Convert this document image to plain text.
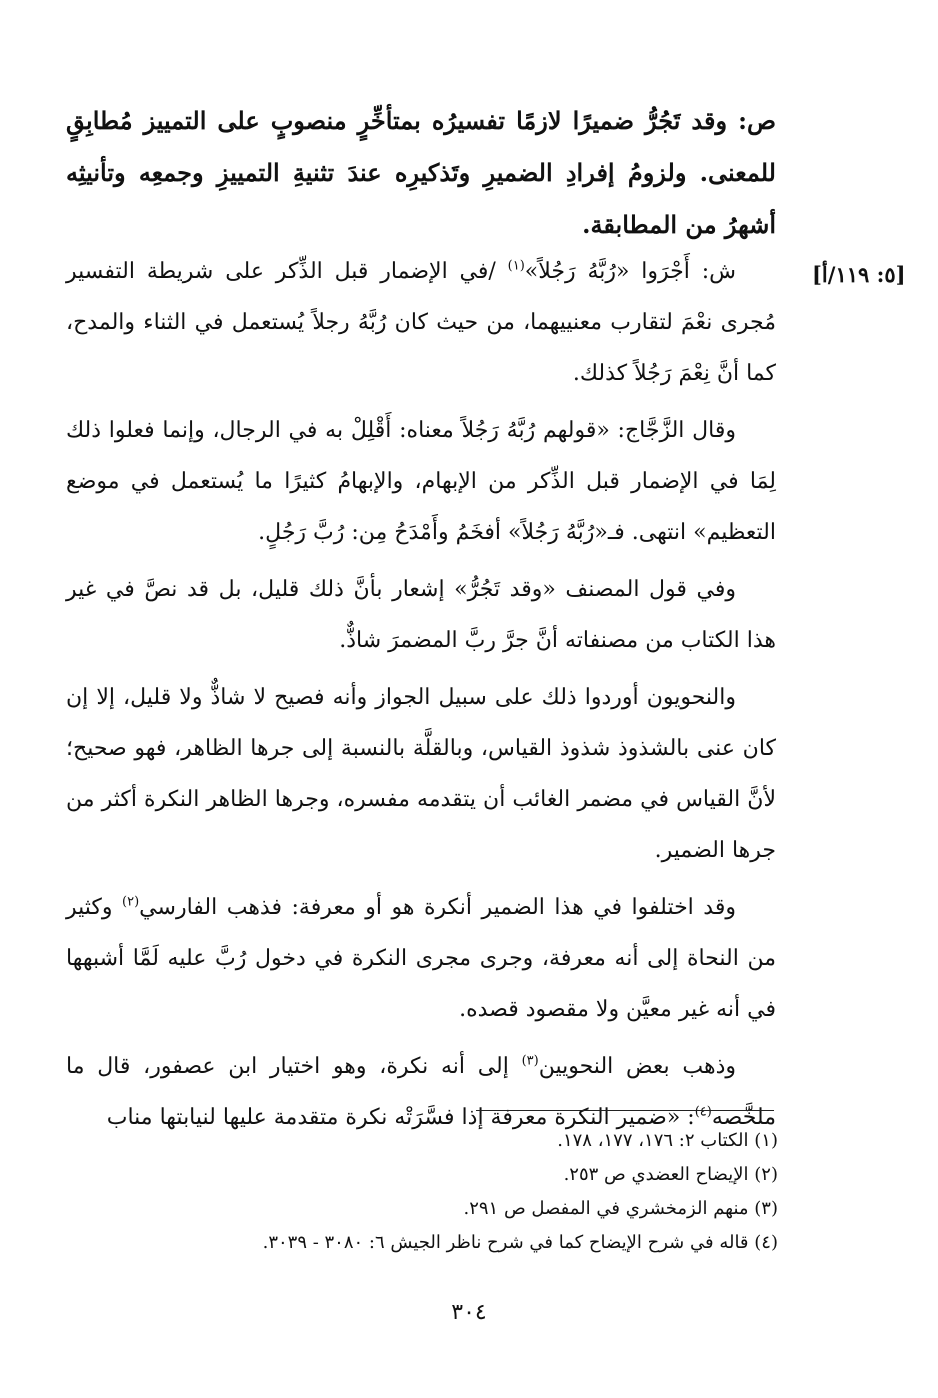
[٥: ١١٩/أ]
ص: وقد تَجُرُّ ضميرًا لازمًا تفسيرُه بمتأخِّرٍ منصوبٍ على التمييز مُطابِقٍ للمعنى. ولزومُ إفرادِ الضميرِ وتَذكيرِه عندَ تثنيةِ التمييزِ وجمعِه وتأنيثِه أشهرُ من المطابقة.

ش: أَجْرَوا «رُبَّهُ رَجُلاً»$^{(١)}$ /في الإضمار قبل الذِّكر على شريطة التفسير مُجرى نعْمَ لتقارب معنييهما، من حيث كان رُبَّهُ رجلاً يُستعمل في الثناء والمدح، كما أنَّ نِعْمَ رَجُلاً كذلك.

وقال الزَّجَّاج: «قولهم رُبَّهُ رَجُلاً معناه: أَقْلِلْ به في الرجال، وإنما فعلوا ذلك لِمَا في الإضمار قبل الذِّكر من الإبهام، والإبهامُ كثيرًا ما يُستعمل في موضع التعظيم» انتهى. فـ«رُبَّهُ رَجُلاً» أفخَمُ وأَمْدَحُ مِن: رُبَّ رَجُلٍ.

وفي قول المصنف «وقد تَجُرُّ» إشعار بأنَّ ذلك قليل، بل قد نصَّ في غير هذا الكتاب من مصنفاته أنَّ جرَّ ربَّ المضمرَ شاذٌّ.

والنحويون أوردوا ذلك على سبيل الجواز وأنه فصيح لا شاذٌّ ولا قليل، إلا إن كان عنى بالشذوذ شذوذ القياس، وبالقلَّة بالنسبة إلى جرها الظاهر، فهو صحيح؛ لأنَّ القياس في مضمر الغائب أن يتقدمه مفسره، وجرها الظاهر النكرة أكثر من جرها الضمير.

وقد اختلفوا في هذا الضمير أنكرة هو أو معرفة: فذهب الفارسي$^{(٢)}$ وكثير من النحاة إلى أنه معرفة، وجرى مجرى النكرة في دخول رُبَّ عليه لَمَّا أشبهها في أنه غير معيَّن ولا مقصود قصده.

وذهب بعض النحويين$^{(٣)}$ إلى أنه نكرة، وهو اختيار ابن عصفور، قال ما ملخَّصه$^{(٤)}$: «ضمير النكرة معرفة إذا فسَّرَتْه نكرة متقدمة عليها لنيابتها مناب

(١) الكتاب ٢: ١٧٦، ١٧٧، ١٧٨.
(٢) الإيضاح العضدي ص ٢٥٣.
(٣) منهم الزمخشري في المفصل ص ٢٩١.
(٤) قاله في شرح الإيضاح كما في شرح ناظر الجيش ٦: ٣٠٨٠ - ٣٠٣٩.
٣٠٤
